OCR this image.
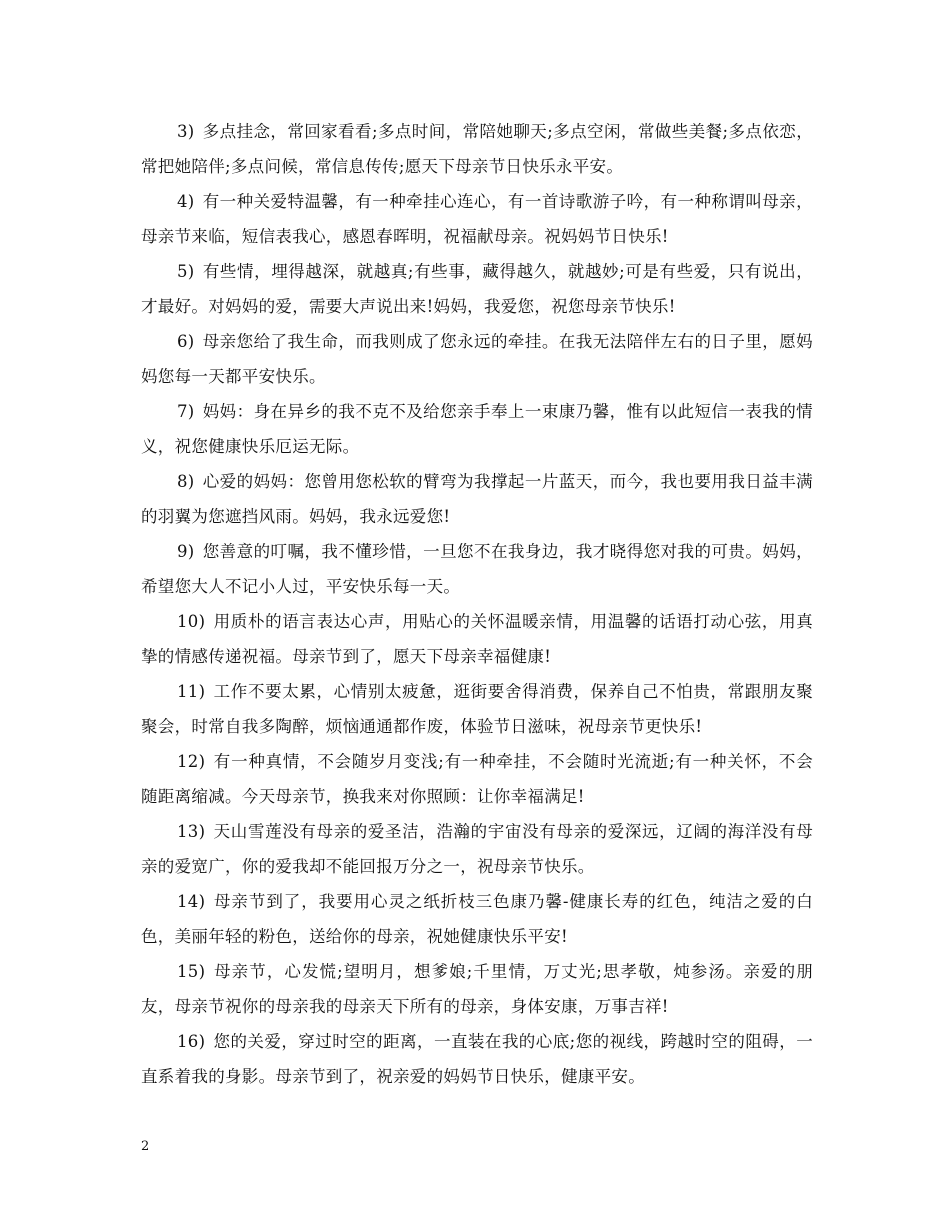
3) 多点挂念，常回家看看;多点时间，常陪她聊天;多点空闲，常做些美餐;多点依恋，常把她陪伴;多点问候，常信息传传;愿天下母亲节日快乐永平安。

4) 有一种关爱特温馨，有一种牵挂心连心，有一首诗歌游子吟，有一种称谓叫母亲，母亲节来临，短信表我心，感恩春晖明，祝福献母亲。祝妈妈节日快乐!

5) 有些情，埋得越深，就越真;有些事，藏得越久，就越妙;可是有些爱，只有说出，才最好。对妈妈的爱，需要大声说出来!妈妈，我爱您，祝您母亲节快乐!

6) 母亲您给了我生命，而我则成了您永远的牵挂。在我无法陪伴左右的日子里，愿妈妈您每一天都平安快乐。

7) 妈妈：身在异乡的我不克不及给您亲手奉上一束康乃馨，惟有以此短信一表我的情义，祝您健康快乐厄运无际。

8) 心爱的妈妈：您曾用您松软的臂弯为我撑起一片蓝天，而今，我也要用我日益丰满的羽翼为您遮挡风雨。妈妈，我永远爱您!

9) 您善意的叮嘱，我不懂珍惜，一旦您不在我身边，我才晓得您对我的可贵。妈妈，希望您大人不记小人过，平安快乐每一天。

10) 用质朴的语言表达心声，用贴心的关怀温暖亲情，用温馨的话语打动心弦，用真挚的情感传递祝福。母亲节到了，愿天下母亲幸福健康!

11) 工作不要太累，心情别太疲惫，逛街要舍得消费，保养自己不怕贵，常跟朋友聚聚会，时常自我多陶醉，烦恼通通都作废，体验节日滋味，祝母亲节更快乐!

12) 有一种真情，不会随岁月变浅;有一种牵挂，不会随时光流逝;有一种关怀，不会随距离缩减。今天母亲节，换我来对你照顾：让你幸福满足!

13) 天山雪莲没有母亲的爱圣洁，浩瀚的宇宙没有母亲的爱深远，辽阔的海洋没有母亲的爱宽广，你的爱我却不能回报万分之一，祝母亲节快乐。

14) 母亲节到了，我要用心灵之纸折枝三色康乃馨-健康长寿的红色，纯洁之爱的白色，美丽年轻的粉色，送给你的母亲，祝她健康快乐平安!

15) 母亲节，心发慌;望明月，想爹娘;千里情，万丈光;思孝敬，炖参汤。亲爱的朋友，母亲节祝你的母亲我的母亲天下所有的母亲，身体安康，万事吉祥!

16) 您的关爱，穿过时空的距离，一直装在我的心底;您的视线，跨越时空的阻碍，一直系着我的身影。母亲节到了，祝亲爱的妈妈节日快乐，健康平安。

2
